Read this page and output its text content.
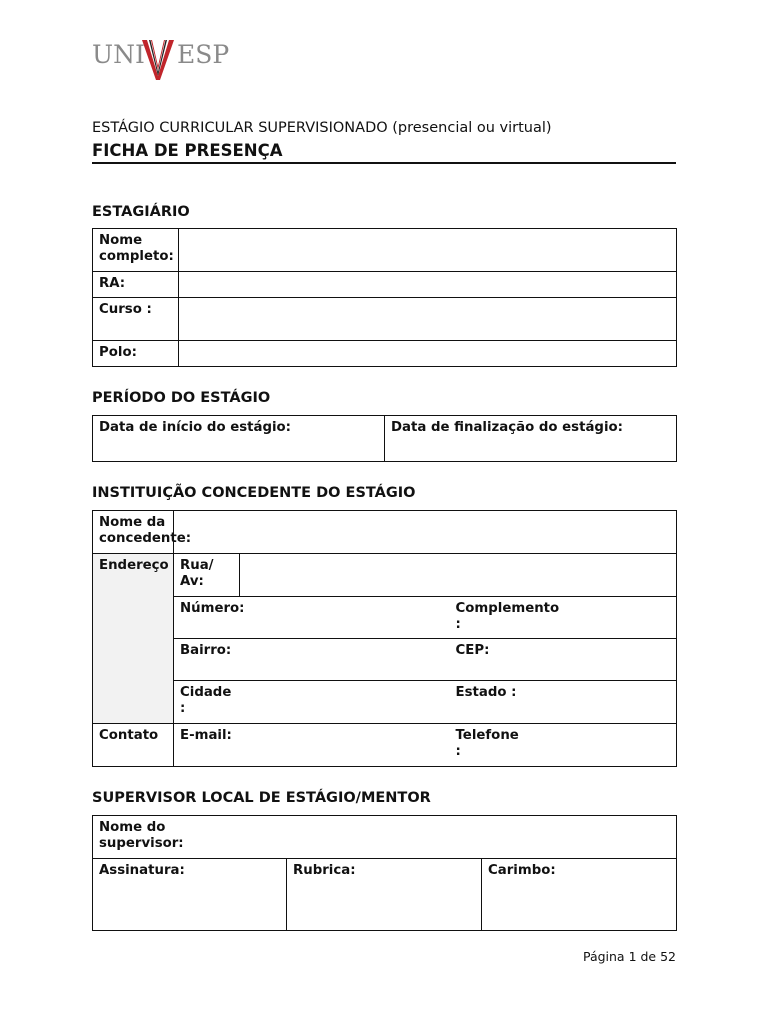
UNI ESP
ESTÁGIO CURRICULAR SUPERVISIONADO (presencial ou virtual)
FICHA DE PRESENÇA
ESTAGIÁRIO
Nome completo:	
RA:	
Curso :	
Polo:	
PERÍODO DO ESTÁGIO
Data de início do estágio:	Data de finalização do estágio:
INSTITUIÇÃO CONCEDENTE DO ESTÁGIO
Nome da concedente:				
Endereço	Rua/ Av:			
	Número:		Complemento :	
	Bairro:		CEP:	
	Cidade :		Estado :	
Contato	E-mail:		Telefone :	
SUPERVISOR LOCAL DE ESTÁGIO/MENTOR
Nome do supervisor:
Assinatura:	Rubrica:	Carimbo:
Página 1 de 52
